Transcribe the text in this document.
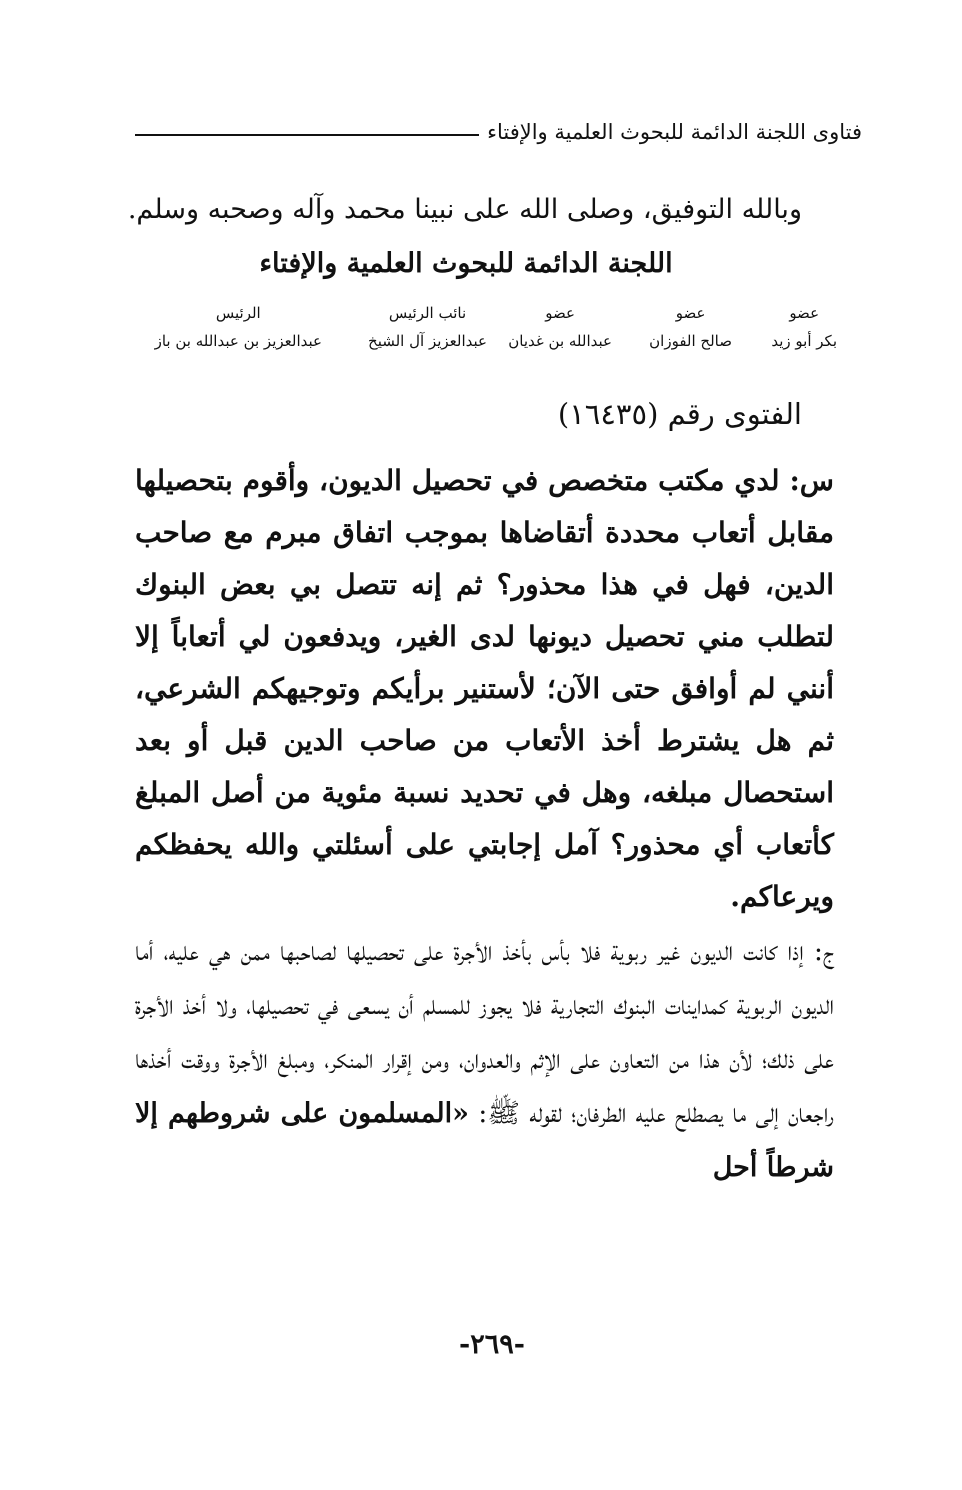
فتاوى اللجنة الدائمة للبحوث العلمية والإفتاء
وبالله التوفيق، وصلى الله على نبينا محمد وآله وصحبه وسلم.
اللجنة الدائمة للبحوث العلمية والإفتاء
عضو
بكر أبو زيد
عضو
صالح الفوزان
عضو
عبدالله بن غديان
نائب الرئيس
عبدالعزيز آل الشيخ
الرئيس
عبدالعزيز بن عبدالله بن باز
الفتوى رقم (١٦٤٣٥)
س: لدي مكتب متخصص في تحصيل الديون، وأقوم بتحصيلها مقابل أتعاب محددة أتقاضاها بموجب اتفاق مبرم مع صاحب الدين، فهل في هذا محذور؟ ثم إنه تتصل بي بعض البنوك لتطلب مني تحصيل ديونها لدى الغير، ويدفعون لي أتعاباً إلا أنني لم أوافق حتى الآن؛ لأستنير برأيكم وتوجيهكم الشرعي، ثم هل يشترط أخذ الأتعاب من صاحب الدين قبل أو بعد استحصال مبلغه، وهل في تحديد نسبة مئوية من أصل المبلغ كأتعاب أي محذور؟ آمل إجابتي على أسئلتي والله يحفظكم ويرعاكم.
ج: إذا كانت الديون غير ربوية فلا بأس بأخذ الأجرة على تحصيلها لصاحبها ممن هي عليه، أما الديون الربوية كمداينات البنوك التجارية فلا يجوز للمسلم أن يسعى في تحصيلها، ولا أخذ الأجرة على ذلك؛ لأن هذا من التعاون على الإثم والعدوان، ومن إقرار المنكر، ومبلغ الأجرة ووقت أخذها راجعان إلى ما يصطلح عليه الطرفان؛ لقوله ﷺ: «المسلمون على شروطهم إلا شرطاً أحل
-٢٦٩-
